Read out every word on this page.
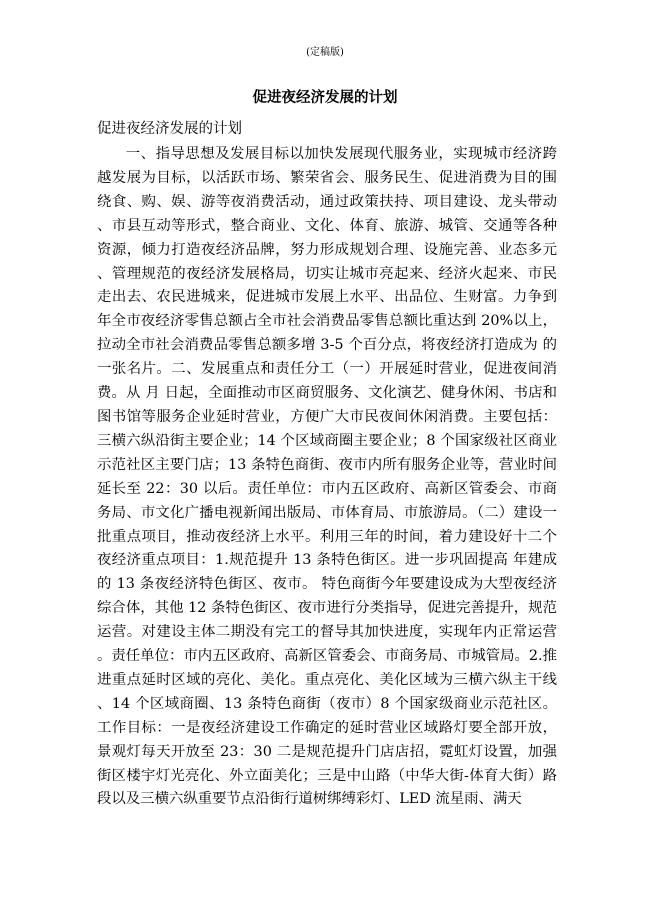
(定稿版)
促进夜经济发展的计划

促进夜经济发展的计划

一、指导思想及发展目标以加快发展现代服务业，实现城市经济跨越发展为目标，以活跃市场、繁荣省会、服务民生、促进消费为目的围绕食、购、娱、游等夜消费活动，通过政策扶持、项目建设、龙头带动、市县互动等形式，整合商业、文化、体育、旅游、城管、交通等各种资源，倾力打造夜经济品牌，努力形成规划合理、设施完善、业态多元、管理规范的夜经济发展格局，切实让城市亮起来、经济火起来、市民走出去、农民进城来，促进城市发展上水平、出品位、生财富。力争到 年全市夜经济零售总额占全市社会消费品零售总额比重达到 20%以上，拉动全市社会消费品零售总额多增 3-5 个百分点，将夜经济打造成为 的一张名片。二、发展重点和责任分工（一）开展延时营业，促进夜间消费。从 月 日起，全面推动市区商贸服务、文化演艺、健身休闲、书店和图书馆等服务企业延时营业，方便广大市民夜间休闲消费。主要包括：三横六纵沿街主要企业；14 个区域商圈主要企业；8 个国家级社区商业示范社区主要门店；13 条特色商街、夜市内所有服务企业等，营业时间延长至 22：30 以后。责任单位：市内五区政府、高新区管委会、市商务局、市文化广播电视新闻出版局、市体育局、市旅游局。（二）建设一批重点项目，推动夜经济上水平。利用三年的时间，着力建设好十二个夜经济重点项目：1.规范提升 13 条特色街区。进一步巩固提高 年建成的 13 条夜经济特色街区、夜市。 特色商街今年要建设成为大型夜经济综合体，其他 12 条特色街区、夜市进行分类指导，促进完善提升，规范运营。对建设主体二期没有完工的督导其加快进度，实现年内正常运营。责任单位：市内五区政府、高新区管委会、市商务局、市城管局。2.推进重点延时区域的亮化、美化。重点亮化、美化区域为三横六纵主干线、14 个区域商圈、13 条特色商街（夜市）8 个国家级商业示范社区。工作目标：一是夜经济建设工作确定的延时营业区域路灯要全部开放，景观灯每天开放至 23：30 二是规范提升门店店招，霓虹灯设置，加强街区楼宇灯光亮化、外立面美化；三是中山路（中华大街-体育大街）路段以及三横六纵重要节点沿街行道树绑缚彩灯、LED 流星雨、满天
